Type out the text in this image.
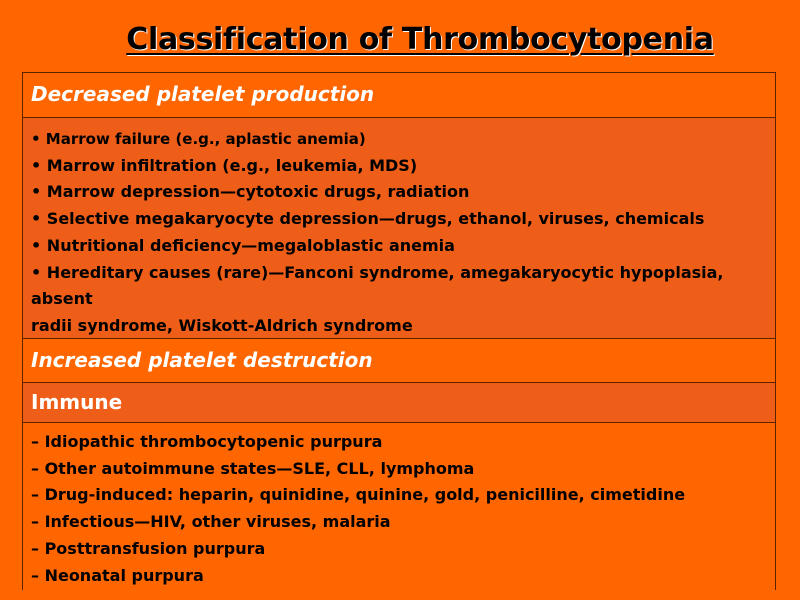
Classification of Thrombocytopenia
Decreased platelet production
• Marrow failure (e.g., aplastic anemia)
• Marrow infiltration (e.g., leukemia, MDS)
• Marrow depression—cytotoxic drugs, radiation
• Selective megakaryocyte depression—drugs, ethanol, viruses, chemicals
• Nutritional deficiency—megaloblastic anemia
• Hereditary causes (rare)—Fanconi syndrome, amegakaryocytic hypoplasia,
absent
radii syndrome, Wiskott-Aldrich syndrome
Increased platelet destruction
Immune
– Idiopathic thrombocytopenic purpura
– Other autoimmune states—SLE, CLL, lymphoma
– Drug-induced: heparin, quinidine, quinine, gold, penicilline, cimetidine
– Infectious—HIV, other viruses, malaria
– Posttransfusion purpura
– Neonatal purpura
